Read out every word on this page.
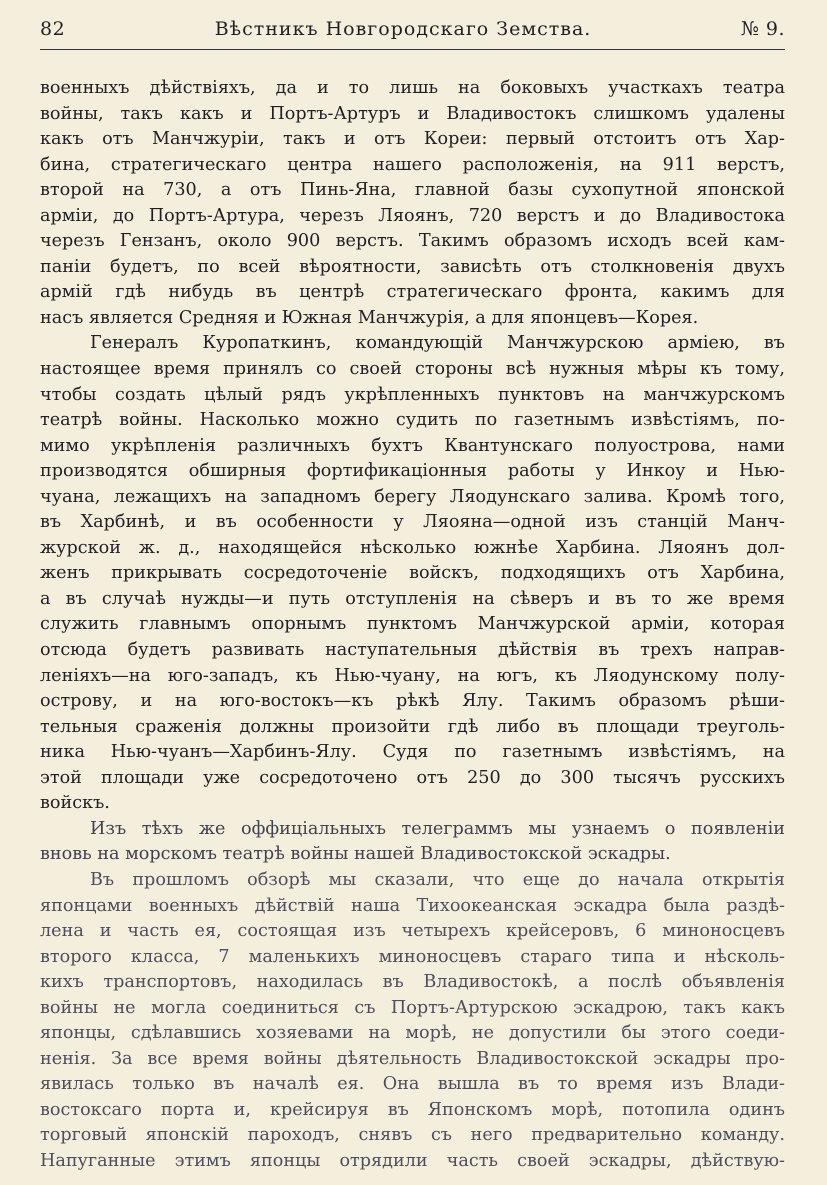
82	Вѣстникъ Новгородскаго Земства.	№ 9.

военныхъ дѣйствіяхъ, да и то лишь на боковыхъ участкахъ театра

войны, такъ какъ и Портъ-Артуръ и Владивостокъ слишкомъ удалены

какъ отъ Манчжуріи, такъ и отъ Кореи: первый отстоитъ отъ Хар-

бина, стратегическаго центра нашего расположенія, на 911 верстъ,

второй на 730, а отъ Пинь-Яна, главной базы сухопутной японской

арміи, до Портъ-Артура, черезъ Ляоянъ, 720 верстъ и до Владивостока

черезъ Гензанъ, около 900 верстъ. Такимъ образомъ исходъ всей кам-

паніи будетъ, по всей вѣроятности, зависѣть отъ столкновенія двухъ

армій гдѣ нибудь въ центрѣ стратегическаго фронта, какимъ для

насъ является Средняя и Южная Манчжурія, а для японцевъ—Корея.

Генералъ Куропаткинъ, командующій Манчжурскою арміею, въ

настоящее время принялъ со своей стороны всѣ нужныя мѣры къ тому,

чтобы создать цѣлый рядъ укрѣпленныхъ пунктовъ на манчжурскомъ

театрѣ войны. Насколько можно судить по газетнымъ извѣстіямъ, по-

мимо укрѣпленія различныхъ бухтъ Квантунскаго полуострова, нами

производятся обширныя фортификаціонныя работы у Инкоу и Нью-

чуана, лежащихъ на западномъ берегу Ляодунскаго залива. Кромѣ того,

въ Харбинѣ, и въ особенности у Ляояна—одной изъ станцій Манч-

журской ж. д., находящейся нѣсколько южнѣе Харбина. Ляоянъ дол-

женъ прикрывать сосредоточеніе войскъ, подходящихъ отъ Харбина,

а въ случаѣ нужды—и путь отступленія на сѣверъ и въ то же время

служить главнымъ опорнымъ пунктомъ Манчжурской арміи, которая

отсюда будетъ развивать наступательныя дѣйствія въ трехъ направ-

леніяхъ—на юго-западъ, къ Нью-чуану, на югъ, къ Ляодунскому полу-

острову, и на юго-востокъ—къ рѣкѣ Ялу. Такимъ образомъ рѣши-

тельныя сраженія должны произойти гдѣ либо въ площади треуголь-

ника Нью-чуанъ—Харбинъ-Ялу. Судя по газетнымъ извѣстіямъ, на

этой площади уже сосредоточено отъ 250 до 300 тысячъ русскихъ

войскъ.

Изъ тѣхъ же оффиціальныхъ телеграммъ мы узнаемъ о появленіи

вновь на морскомъ театрѣ войны нашей Владивостокской эскадры.

Въ прошломъ обзорѣ мы сказали, что еще до начала открытія

японцами военныхъ дѣйствій наша Тихоокеанская эскадра была раздѣ-

лена и часть ея, состоящая изъ четырехъ крейсеровъ, 6 миноносцевъ

второго класса, 7 маленькихъ миноносцевъ стараго типа и нѣсколь-

кихъ транспортовъ, находилась въ Владивостокѣ, а послѣ объявленія

войны не могла соединиться съ Портъ-Артурскою эскадрою, такъ какъ

японцы, сдѣлавшись хозяевами на морѣ, не допустили бы этого соеди-

ненія. За все время войны дѣятельность Владивостокской эскадры про-

явилась только въ началѣ ея. Она вышла въ то время изъ Влади-

востоксаго порта и, крейсируя въ Японскомъ морѣ, потопила одинъ

торговый японскій пароходъ, снявъ съ него предварительно команду.

Напуганные этимъ японцы отрядили часть своей эскадры, дѣйствую-
